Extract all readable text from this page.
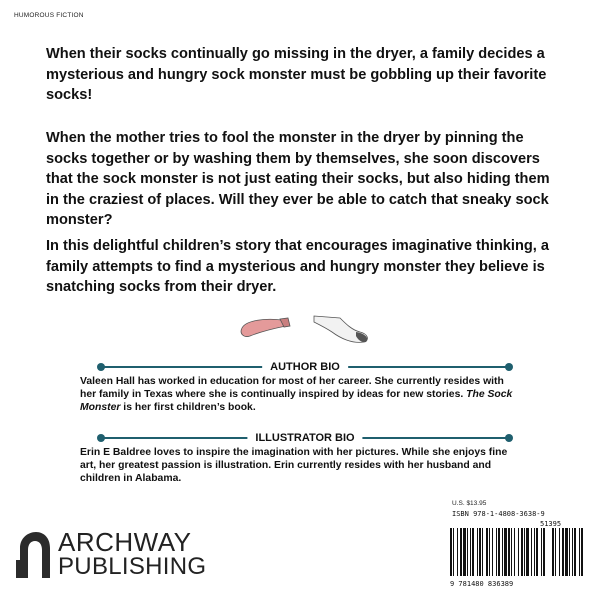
HUMOROUS FICTION

When their socks continually go missing in the dryer, a family decides a mysterious and hungry sock monster must be gobbling up their favorite socks!

When the mother tries to fool the monster in the dryer by pinning the socks together or by washing them by themselves, she soon discovers that the sock monster is not just eating their socks, but also hiding them in the craziest of places. Will they ever be able to catch that sneaky sock monster?

In this delightful children’s story that encourages imaginative thinking, a family attempts to find a mysterious and hungry monster they believe is snatching socks from their dryer.

AUTHOR BIO

Valeen Hall has worked in education for most of her career. She currently resides with her family in Texas where she is continually inspired by ideas for new stories. The Sock Monster is her first children’s book.

ILLUSTRATOR BIO

Erin E Baldree loves to inspire the imagination with her pictures. While she enjoys fine art, her greatest passion is illustration. Erin currently resides with her husband and children in Alabama.

ARCHWAY
PUBLISHING
U.S. $13.95
ISBN 978-1-4808-3638-9
51395
9 781480 836389
